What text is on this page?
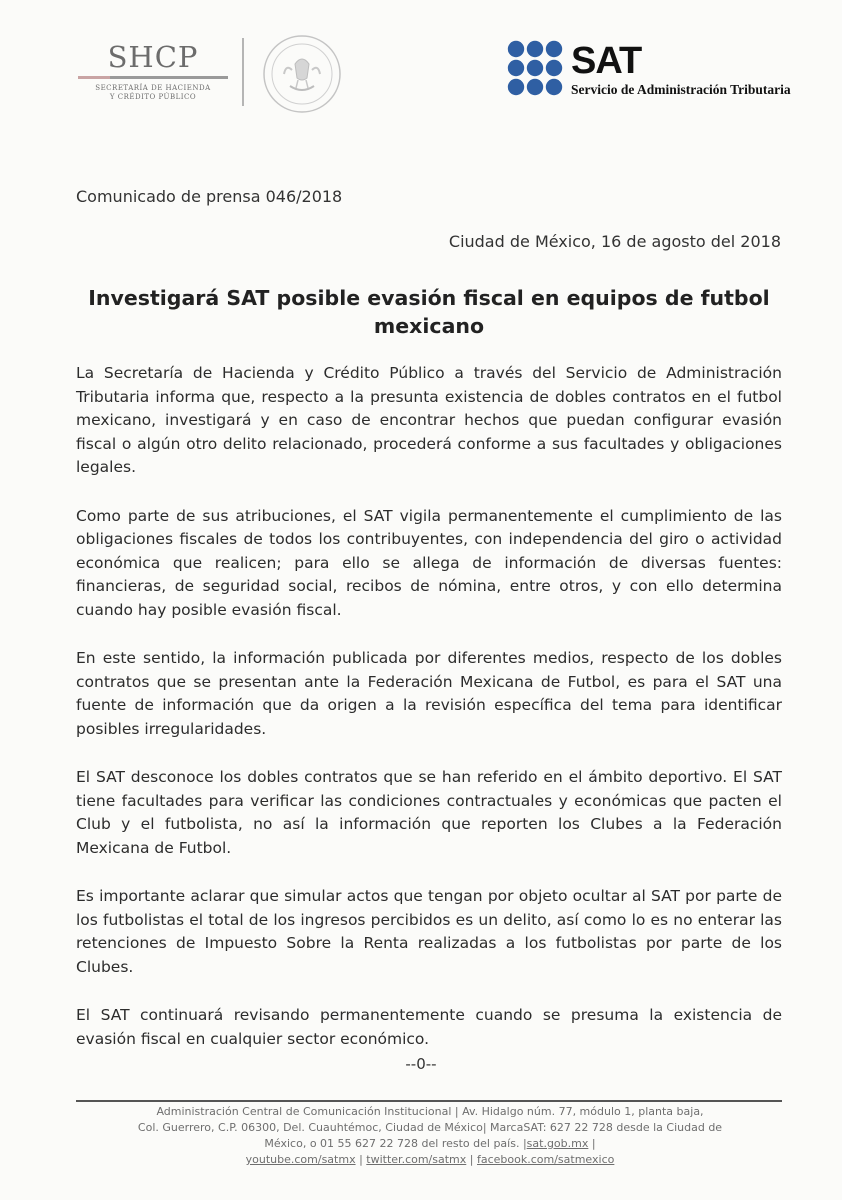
SHCP
SECRETARÍA DE HACIENDA
Y CRÉDITO PÚBLICO
SAT
Servicio de Administración Tributaria
Comunicado de prensa 046/2018
Ciudad de México, 16 de agosto del 2018
Investigará SAT posible evasión fiscal en equipos de futbol mexicano

La Secretaría de Hacienda y Crédito Público a través del Servicio de Administración Tributaria informa que, respecto a la presunta existencia de dobles contratos en el futbol mexicano, investigará y en caso de encontrar hechos que puedan configurar evasión fiscal o algún otro delito relacionado, procederá conforme a sus facultades y obligaciones legales.

Como parte de sus atribuciones, el SAT vigila permanentemente el cumplimiento de las obligaciones fiscales de todos los contribuyentes, con independencia del giro o actividad económica que realicen; para ello se allega de información de diversas fuentes: financieras, de seguridad social, recibos de nómina, entre otros, y con ello determina cuando hay posible evasión fiscal.

En este sentido, la información publicada por diferentes medios, respecto de los dobles contratos que se presentan ante la Federación Mexicana de Futbol, es para el SAT una fuente de información que da origen a la revisión específica del tema para identificar posibles irregularidades.

El SAT desconoce los dobles contratos que se han referido en el ámbito deportivo. El SAT tiene facultades para verificar las condiciones contractuales y económicas que pacten el Club y el futbolista, no así la información que reporten los Clubes a la Federación Mexicana de Futbol.

Es importante aclarar que simular actos que tengan por objeto ocultar al SAT por parte de los futbolistas el total de los ingresos percibidos es un delito, así como lo es no enterar las retenciones de Impuesto Sobre la Renta realizadas a los futbolistas por parte de los Clubes.

El SAT continuará revisando permanentemente cuando se presuma la existencia de evasión fiscal en cualquier sector económico.

--0--
Administración Central de Comunicación Institucional | Av. Hidalgo núm. 77, módulo 1, planta baja,
Col. Guerrero, C.P. 06300, Del. Cuauhtémoc, Ciudad de México| MarcaSAT: 627 22 728 desde la Ciudad de
México, o 01 55 627 22 728 del resto del país. |sat.gob.mx |
youtube.com/satmx | twitter.com/satmx | facebook.com/satmexico
